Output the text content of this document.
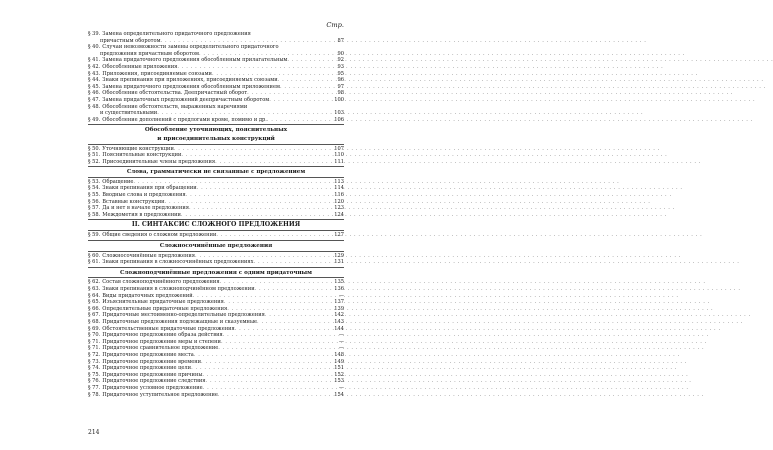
Стр.
§ 39. Замена определительного придаточного предложения
причастным оборотом . . .	87
§ 40. Случаи невозможности замены определительного придаточного
предложения причастным оборотом . . .	90
§ 41. Замена придаточного предложения обособленным прилагательным . . .	92
§ 42. Обособленные приложения . . .	93
§ 43. Приложения, присоединяемые союзами . . .	95
§ 44. Знаки препинания при приложениях, присоединяемых союзами . . .	96
§ 45. Замена придаточного предложения обособленным приложением . . .	97
§ 46. Обособление обстоятельства. Деепричастный оборот . . .	98
§ 47. Замена придаточных предложений деепричастным оборотом . . .	100
§ 48. Обособление обстоятельств, выраженных наречиями
и существительными . . .	103
§ 49. Обособление дополнений с предлогами кроме, помимо и др. . . .	106
Обособление уточняющих, пояснительных
и присоединительных конструкций
§ 50. Уточняющие конструкции . . .	107
§ 51. Пояснительные конструкции . . .	110
§ 52. Присоединительные члены предложения . . .	111
Слова, грамматически не связанные с предложением
§ 53. Обращение . . .	113
§ 54. Знаки препинания при обращении . . .	114
§ 55. Вводные слова и предложения . . .	116
§ 56. Вставные конструкции . . .	120
§ 57. Да и нет в начале предложения . . .	123
§ 58. Междометия в предложении . . .	124
II. СИНТАКСИС СЛОЖНОГО ПРЕДЛОЖЕНИЯ
§ 59. Общие сведения о сложном предложении . . .	127
Сложносочинённые предложения
§ 60. Сложносочинённые предложения . . .	129
§ 61. Знаки препинания в сложносочинённых предложениях . . .	131
Сложноподчинённые предложения с одним придаточным
§ 62. Состав сложноподчинённого предложения . . .	135
§ 63. Знаки препинания в сложноподчинённом предложении . . .	136
§ 64. Виды придаточных предложений . . .	—
§ 65. Изъяснительные придаточные предложения . . .	137
§ 66. Определительные придаточные предложения . . .	139
§ 67. Придаточные местоименно-определительные предложения . . .	142
§ 68. Придаточные предложения подлежащные и сказуемные . . .	143
§ 69. Обстоятельственные придаточные предложения . . .	144
§ 70. Придаточное предложение образа действия . . .	—
§ 71. Придаточное предложение меры и степени . . .	—
§ 71. Придаточное сравнительное предложение . . .	—
§ 72. Придаточное предложение места . . .	148
§ 73. Придаточное предложение времени . . .	149
§ 74. Придаточное предложение цели . . .	151
§ 75. Придаточное предложение причины . . .	152
§ 76. Придаточное предложение следствия . . .	153
§ 77. Придаточное условное предложение . . .	—
§ 78. Придаточное уступительное предложение . . .	154
214
